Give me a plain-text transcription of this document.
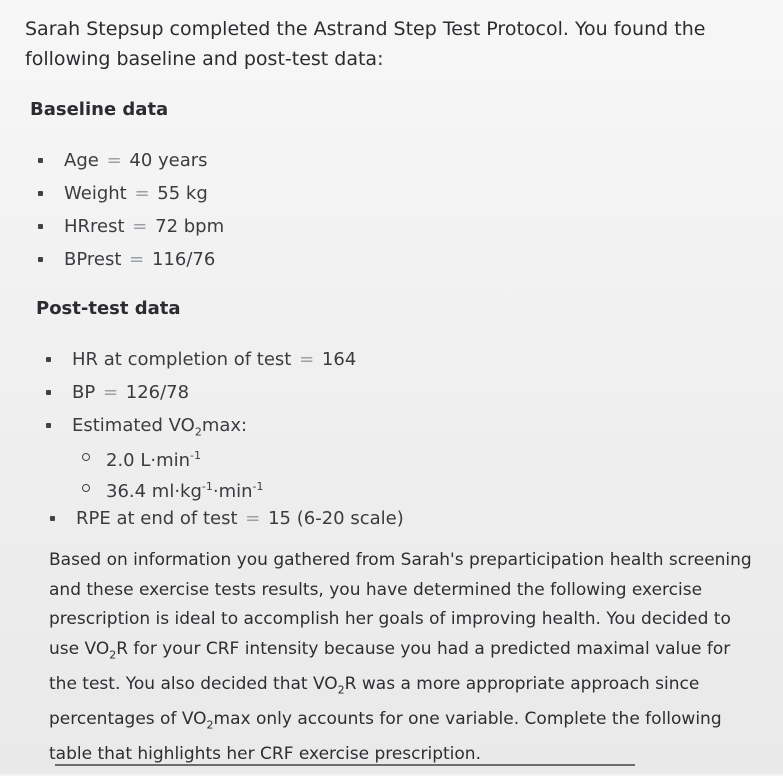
Sarah Stepsup completed the Astrand Step Test Protocol. You found the following baseline and post-test data:
Baseline data
Age = 40 years
Weight = 55 kg
HRrest = 72 bpm
BPrest = 116/76
Post-test data
HR at completion of test = 164
BP = 126/78
Estimated $VO_2\max$:
2.0 $L\cdot\min^{-1}$
36.4 $ml\cdot kg^{-1}\cdot\min^{-1}$
RPE at end of test = 15 (6-20 scale)
Based on information you gathered from Sarah's preparticipation health screening and these exercise tests results, you have determined the following exercise prescription is ideal to accomplish her goals of improving health. You decided to use $VO_2R$ for your CRF intensity because you had a predicted maximal value for the test. You also decided that $VO_2R$ was a more appropriate approach since percentages of $VO_2\max$ only accounts for one variable. Complete the following table that highlights her CRF exercise prescription.
